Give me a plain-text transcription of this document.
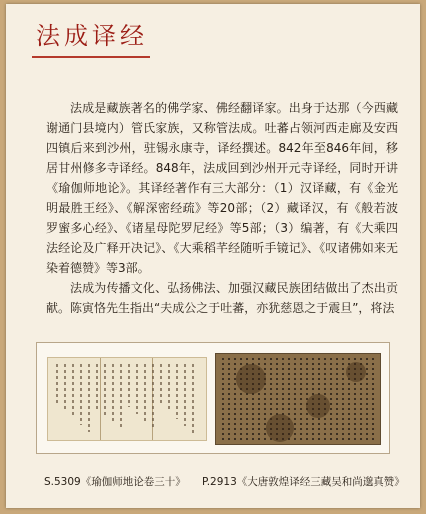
法成译经

法成是藏族著名的佛学家、佛经翻译家。出身于达那（今西藏谢通门县境内）管氏家族，又称管法成。吐蕃占领河西走廊及安西四镇后来到沙州，驻锡永康寺，译经撰述。842年至846年间，移居甘州修多寺译经。848年，法成回到沙州开元寺译经，同时开讲《瑜伽师地论》。其译经著作有三大部分：（1）汉译藏，有《金光明最胜王经》、《解深密经疏》等20部；（2）藏译汉，有《般若波罗蜜多心经》、《诸星母陀罗尼经》等5部；（3）编著，有《大乘四法经论及广释开决记》、《大乘稻芊经随听手镜记》、《叹诸佛如来无染着德赞》等3部。

法成为传播文化、弘扬佛法、加强汉藏民族团结做出了杰出贡献。陈寅恪先生指出“夫成公之于吐蕃，亦犹慈恩之于震旦”，将法

S.5309《瑜伽师地论卷三十》 P.2913《大唐敦煌译经三藏吴和尚邈真赞》
